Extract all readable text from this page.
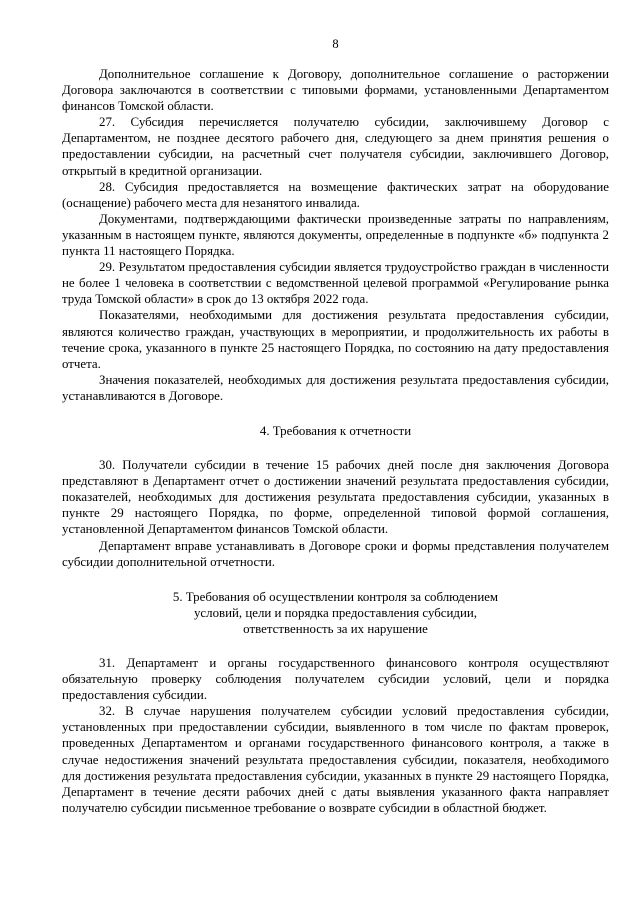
8

Дополнительное соглашение к Договору, дополнительное соглашение о расторжении Договора заключаются в соответствии с типовыми формами, установленными Департаментом финансов Томской области.

27. Субсидия перечисляется получателю субсидии, заключившему Договор с Департаментом, не позднее десятого рабочего дня, следующего за днем принятия решения о предоставлении субсидии, на расчетный счет получателя субсидии, заключившего Договор, открытый в кредитной организации.

28. Субсидия предоставляется на возмещение фактических затрат на оборудование (оснащение) рабочего места для незанятого инвалида.

Документами, подтверждающими фактически произведенные затраты по направлениям, указанным в настоящем пункте, являются документы, определенные в подпункте «б» подпункта 2 пункта 11 настоящего Порядка.

29. Результатом предоставления субсидии является трудоустройство граждан в численности не более 1 человека в соответствии с ведомственной целевой программой «Регулирование рынка труда Томской области» в срок до 13 октября 2022 года.

Показателями, необходимыми для достижения результата предоставления субсидии, являются количество граждан, участвующих в мероприятии, и продолжительность их работы в течение срока, указанного в пункте 25 настоящего Порядка, по состоянию на дату предоставления отчета.

Значения показателей, необходимых для достижения результата предоставления субсидии, устанавливаются в Договоре.

4. Требования к отчетности

30. Получатели субсидии в течение 15 рабочих дней после дня заключения Договора представляют в Департамент отчет о достижении значений результата предоставления субсидии, показателей, необходимых для достижения результата предоставления субсидии, указанных в пункте 29 настоящего Порядка, по форме, определенной типовой формой соглашения, установленной Департаментом финансов Томской области.

Департамент вправе устанавливать в Договоре сроки и формы представления получателем субсидии дополнительной отчетности.

5. Требования об осуществлении контроля за соблюдением
условий, цели и порядка предоставления субсидии,
ответственность за их нарушение

31. Департамент и органы государственного финансового контроля осуществляют обязательную проверку соблюдения получателем субсидии условий, цели и порядка предоставления субсидии.

32. В случае нарушения получателем субсидии условий предоставления субсидии, установленных при предоставлении субсидии, выявленного в том числе по фактам проверок, проведенных Департаментом и органами государственного финансового контроля, а также в случае недостижения значений результата предоставления субсидии, показателя, необходимого для достижения результата предоставления субсидии, указанных в пункте 29 настоящего Порядка, Департамент в течение десяти рабочих дней с даты выявления указанного факта направляет получателю субсидии письменное требование о возврате субсидии в областной бюджет.
